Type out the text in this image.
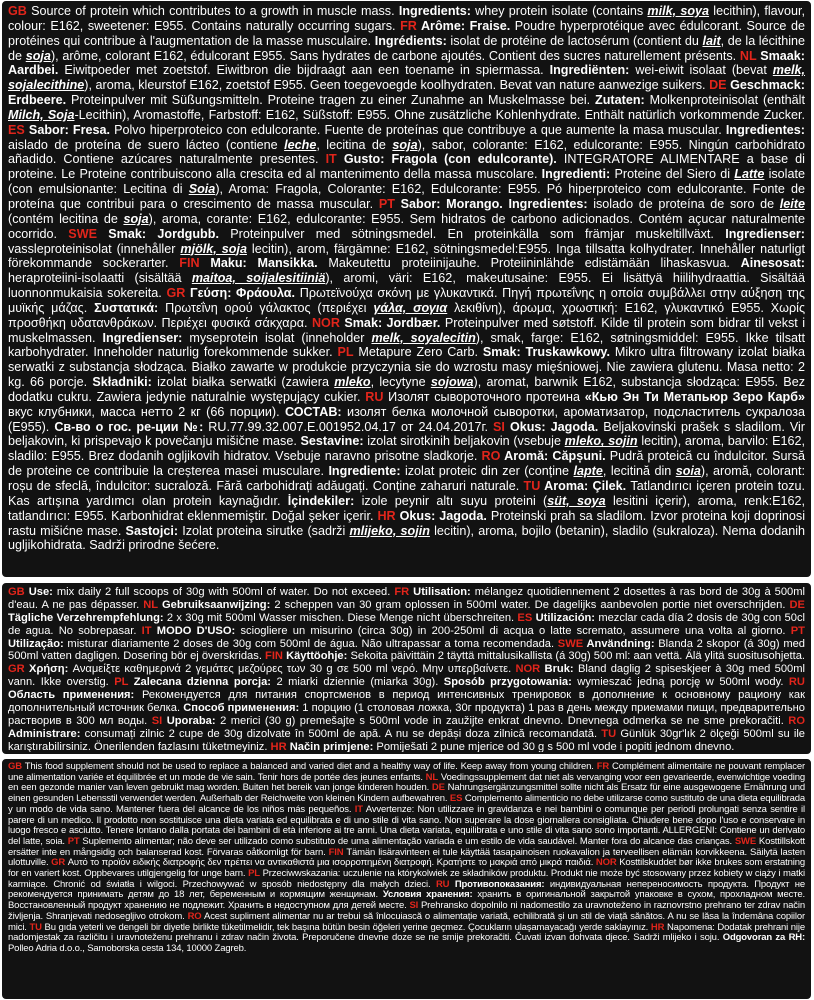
GB Source of protein which contributes to a growth in muscle mass. Ingredients: whey protein isolate (contains milk, soya lecithin), flavour, colour: E162, sweetener: E955. Contains naturally occurring sugars. FR Arôme: Fraise. Poudre hyperprotéique avec édulcorant. Source de protéines qui contribue à l'augmentation de la masse musculaire. Ingrédients: isolat de protéine de lactosérum (contient du lait, de la lécithine de soja), arôme, colorant E162, édulcorant E955. Sans hydrates de carbone ajoutés. Contient des sucres naturellement présents. NL Smaak: Aardbei. Eiwitpoeder met zoetstof. Eiwitbron die bijdraagt aan een toename in spiermassa. Ingrediënten: wei-eiwit isolaat (bevat melk, sojalecithine), aroma, kleurstof E162, zoetstof E955. Geen toegevoegde koolhydraten. Bevat van nature aanwezige suikers. DE Geschmack: Erdbeere. Proteinpulver mit Süßungsmitteln. Proteine tragen zu einer Zunahme an Muskelmasse bei. Zutaten: Molkenproteinisolat (enthält Milch, Soja-Lecithin), Aromastoffe, Farbstoff: E162, Süßstoff: E955. Ohne zusätzliche Kohlenhydrate. Enthält natürlich vorkommende Zucker. ES Sabor: Fresa. Polvo hiperproteico con edulcorante. Fuente de proteínas que contribuye a que aumente la masa muscular. Ingredientes: aislado de proteína de suero lácteo (contiene leche, lecitina de soja), sabor, colorante: E162, edulcorante: E955. Ningún carbohidrato añadido. Contiene azúcares naturalmente presentes. IT Gusto: Fragola (con edulcorante). INTEGRATORE ALIMENTARE a base di proteine. Le Proteine contribuiscono alla crescita ed al mantenimento della massa muscolare. Ingredienti: Proteine del Siero di Latte isolate (con emulsionante: Lecitina di Soia), Aroma: Fragola, Colorante: E162, Edulcorante: E955. Pó hiperproteico com edulcorante. Fonte de proteína que contribui para o crescimento de massa muscular. PT Sabor: Morango. Ingredientes: isolado de proteína de soro de leite (contém lecitina de soja), aroma, corante: E162, edulcorante: E955. Sem hidratos de carbono adicionados. Contém açucar naturalmente ocorrido. SWE Smak: Jordgubb. Proteinpulver med sötningsmedel. En proteinkälla som främjar muskeltillväxt. Ingredienser: vassleproteinisolat (innehåller mjölk, soja lecitin), arom, färgämne: E162, sötningsmedel:E955. Inga tillsatta kolhydrater. Innehåller naturligt förekommande sockerarter. FIN Maku: Mansikka. Makeutettu proteiinijauhe. Proteiininlähde edistämään lihaskasvua. Ainesosat: heraproteiini-isolaatti (sisältää maitoa, soijalesitiiniä), aromi, väri: E162, makeutusaine: E955. Ei lisättyä hiilihydraattia. Sisältää luonnonmukaisia sokereita. GR Γεύση: Φράουλα. Πρωτεϊνούχα σκόνη με γλυκαντικά. Πηγή πρωτεΐνης η οποία συμβάλλει στην αύξηση της μυϊκής μάζας. Συστατικά: Πρωτεΐνη ορού γάλακτος (περιέχει γάλα, σογια λεκιθίνη), άρωμα, χρωστική: E162, γλυκαντικό E955. Χωρίς προσθήκη υδατανθράκων. Περιέχει φυσικά σάκχαρα. NOR Smak: Jordbær. Proteinpulver med søtstoff. Kilde til protein som bidrar til vekst i muskelmassen. Ingredienser: myseprotein isolat (inneholder melk, soyalecitin), smak, farge: E162, søtningsmiddel: E955. Ikke tilsatt karbohydrater. Inneholder naturlig forekommende sukker. PL Metapure Zero Carb. Smak: Truskawkowy. Mikro ultra filtrowany izolat białka serwatki z substancja słodząca. Białko zawarte w produkcie przyczynia sie do wzrostu masy mięśniowej. Nie zawiera glutenu. Masa netto: 2 kg. 66 porcje. Składniki: izolat białka serwatki (zawiera mleko, lecytyne sojowa), aromat, barwnik E162, substancja słodząca: E955. Bez dodatku cukru. Zawiera jedynie naturalnie występujący cukier. RU Изолят сывороточного протеина «Кью Эн Ти Метапьюр Зеро Карб» вкус клубники, масса нетто 2 кг (66 порции). СОСТАВ: изолят белка молочной сыворотки, ароматизатор, подсластитель сукралоза (E955). Св-во о гос. ре-ции №: RU.77.99.32.007.Е.001952.04.17 от 24.04.2017г. SI Okus: Jagoda. Beljakovinski prašek s sladilom. Vir beljakovin, ki prispevajo k povečanju mišične mase. Sestavine: izolat sirotkinih beljakovin (vsebuje mleko, sojin lecitin), aroma, barvilo: E162, sladilo: E955. Brez dodanih ogljikovih hidratov. Vsebuje naravno prisotne sladkorje. RO Aromă: Căpșuni. Pudră proteică cu îndulcitor. Sursă de proteine ce contribuie la creșterea masei musculare. Ingrediente: izolat proteic din zer (conține lapte, lecitină din soia), aromă, colorant: roșu de sfeclă, îndulcitor: sucraloză. Fără carbohidrați adăugați. Conține zaharuri naturale. TU Aroma: Çilek. Tatlandırıcı içeren protein tozu. Kas artışına yardımcı olan protein kaynağıdır. İçindekiler: izole peynir altı suyu proteini (süt, soya lesitini içerir), aroma, renk:E162, tatlandırıcı: E955. Karbonhidrat eklenmemiştir. Doğal şeker içerir. HR Okus: Jagoda. Proteinski prah sa sladilom. Izvor proteina koji doprinosi rastu mišićne mase. Sastojci: Izolat proteina sirutke (sadrži mlijeko, sojin lecitin), aroma, bojilo (betanin), sladilo (sukraloza). Nema dodanih ugljikohidrata. Sadrži prirodne šećere.
GB Use: mix daily 2 full scoops of 30g with 500ml of water. Do not exceed. FR Utilisation: mélangez quotidiennement 2 dosettes à ras bord de 30g à 500ml d'eau. A ne pas dépasser. NL Gebruiksaanwijzing: 2 scheppen van 30 gram oplossen in 500ml water. De dagelijks aanbevolen portie niet overschrijden. DE Tägliche Verzehrempfehlung: 2 x 30g mit 500ml Wasser mischen. Diese Menge nicht überschreiten. ES Utilización: mezclar cada día 2 dosis de 30g con 50cl de agua. No sobrepasar. IT MODO D'USO: sciogliere un misurino (circa 30g) in 200-250ml di acqua o latte scremato, assumere una volta al giorno. PT Utilização: misturar diariamente 2 doses de 30g com 500ml de água. Não ultrapassar a toma recomendada. SWE Användning: Blanda 2 skopor (á 30g) med 500ml vatten dagligen. Dosering bör ej överskridas. FIN Käyttöohje: Sekoita päivittäin 2 täyttä mittalusikallista (á 30g) 500 ml: aan vettä. Älä ylitä suositusohjetta. GR Χρήση: Αναμείξτε καθημερινά 2 γεμάτες μεζούρες των 30 g σε 500 ml νερό. Μην υπερβαίνετε. NOR Bruk: Bland daglig 2 spiseskjeer à 30g med 500ml vann. Ikke overstig. PL Zalecana dzienna porcja: 2 miarki dziennie (miarka 30g). Sposób przygotowania: wymieszać jedną porcję w 500ml wody. RU Область применения: Рекомендуется для питания спортсменов в период интенсивных тренировок в дополнение к основному рациону как дополнительный источник белка. Способ применения: 1 порцию (1 столовая ложка, 30г продукта) 1 раз в день между приемами пищи, предварительно растворив в 300 мл воды. SI Uporaba: 2 merici (30 g) premešajte s 500ml vode in zaužijte enkrat dnevno. Dnevnega odmerka se ne sme prekoračiti. RO Administrare: consumați zilnic 2 cupe de 30g dizolvate în 500ml de apă. A nu se depăși doza zilnică recomandată. TU Günlük 30gr'lık 2 ölçeği 500ml su ile karıştırabilirsiniz. Önerilenden fazlasını tüketmeyiniz. HR Način primjene: Pomiješati 2 pune mjerice od 30 g s 500 ml vode i popiti jednom dnevno.
GB This food supplement should not be used to replace a balanced and varied diet and a healthy way of life. Keep away from young children. FR Complément alimentaire ne pouvant remplacer une alimentation variée et équilibrée et un mode de vie sain. Tenir hors de portée des jeunes enfants. NL Voedingssupplement dat niet als vervanging voor een gevarieerde, evenwichtige voeding en een gezonde manier van leven gebruikt mag worden. Buiten het bereik van jonge kinderen houden. DE Nahrungsergänzungsmittel sollte nicht als Ersatz für eine ausgewogene Ernährung und einen gesunden Lebensstil verwendet werden. Außerhalb der Reichweite von kleinen Kindern aufbewahren. ES Complemento alimenticio no debe utilizarse como sustituto de una dieta equilibrada y un modo de vida sano. Mantener fuera del alcance de los niños más pequeños. IT Avvertenze: Non utilizzare in gravidanza e nei bambini o comunque per periodi prolungati senza sentire il parere di un medico. Il prodotto non sostituisce una dieta variata ed equilibrata e di uno stile di vita sano. Non superare la dose giornaliera consigliata. Chiudere bene dopo l'uso e conservare in luogo fresco e asciutto. Tenere lontano dalla portata dei bambini di età inferiore ai tre anni. Una dieta variata, equilibrata e uno stile di vita sano sono importanti. ALLERGENI: Contiene un derivato del latte, soia. PT Suplemento alimentar; não deve ser utilizado como substituto de uma alimentação variada e um estilo de vida saudável. Manter fora do alcance das crianças. SWE Kosttillskott ersätter inte en mångsidig och balanserad kost. Förvaras oåtkomligt för barn. FIN Tämän lisäravinteen ei tule käyttää tasapainoisen ruokavalion ja terveellisen elämän korvikkeena. Säilytä lasten ulottuville. GR Αυτό το προϊόν ειδικής διατροφής δεν πρέπει να αντικαθιστά μια ισορροπημένη διατροφή. Κρατήστε το μακριά από μικρά παιδιά. NOR Kosttilskuddet bør ikke brukes som erstatning for en variert kost. Oppbevares utilgjengelig for unge barn. PL Przeciwwskazania: uczulenie na którykolwiek ze składników produktu. Produkt nie może być stosowany przez kobiety w ciąży i matki karmiące. Chronić od światła i wilgoci. Przechowywać w sposób niedostępny dla małych dzieci. RU Противопоказания: индивидуальная непереносимость продукта. Продукт не рекомендуется принимать детям до 18 лет, беременным и кормящим женщинам. Условия хранения: хранить в оригинальной закрытой упаковке в сухом, прохладном месте. Восстановленный продукт хранению не подлежит. Хранить в недоступном для детей месте. SI Prehransko dopolnilo ni nadomestilo za uravnoteženo in raznovrstno prehrano ter zdrav način življenja. Shranjevati nedosegljivo otrokom. RO Acest supliment alimentar nu ar trebui să înlocuiască o alimentație variată, echilibrată și un stil de viață sănătos. A nu se lăsa la îndemâna copiilor mici. TU Bu gıda yeterli ve dengeli bir diyetle birlikte tüketilmelidir, tek başına bütün besin öğeleri yerine geçmez. Çocukların ulaşamayacağı yerde saklayınız. HR Napomena: Dodatak prehrani nije nadomjestak za različitu i uravnoteženu prehranu i zdrav način života. Preporučene dnevne doze se ne smije prekoračiti. Čuvati izvan dohvata djece. Sadrži mlijeko i soju. Odgovoran za RH: Polleo Adria d.o.o., Samoborska cesta 134, 10000 Zagreb.
